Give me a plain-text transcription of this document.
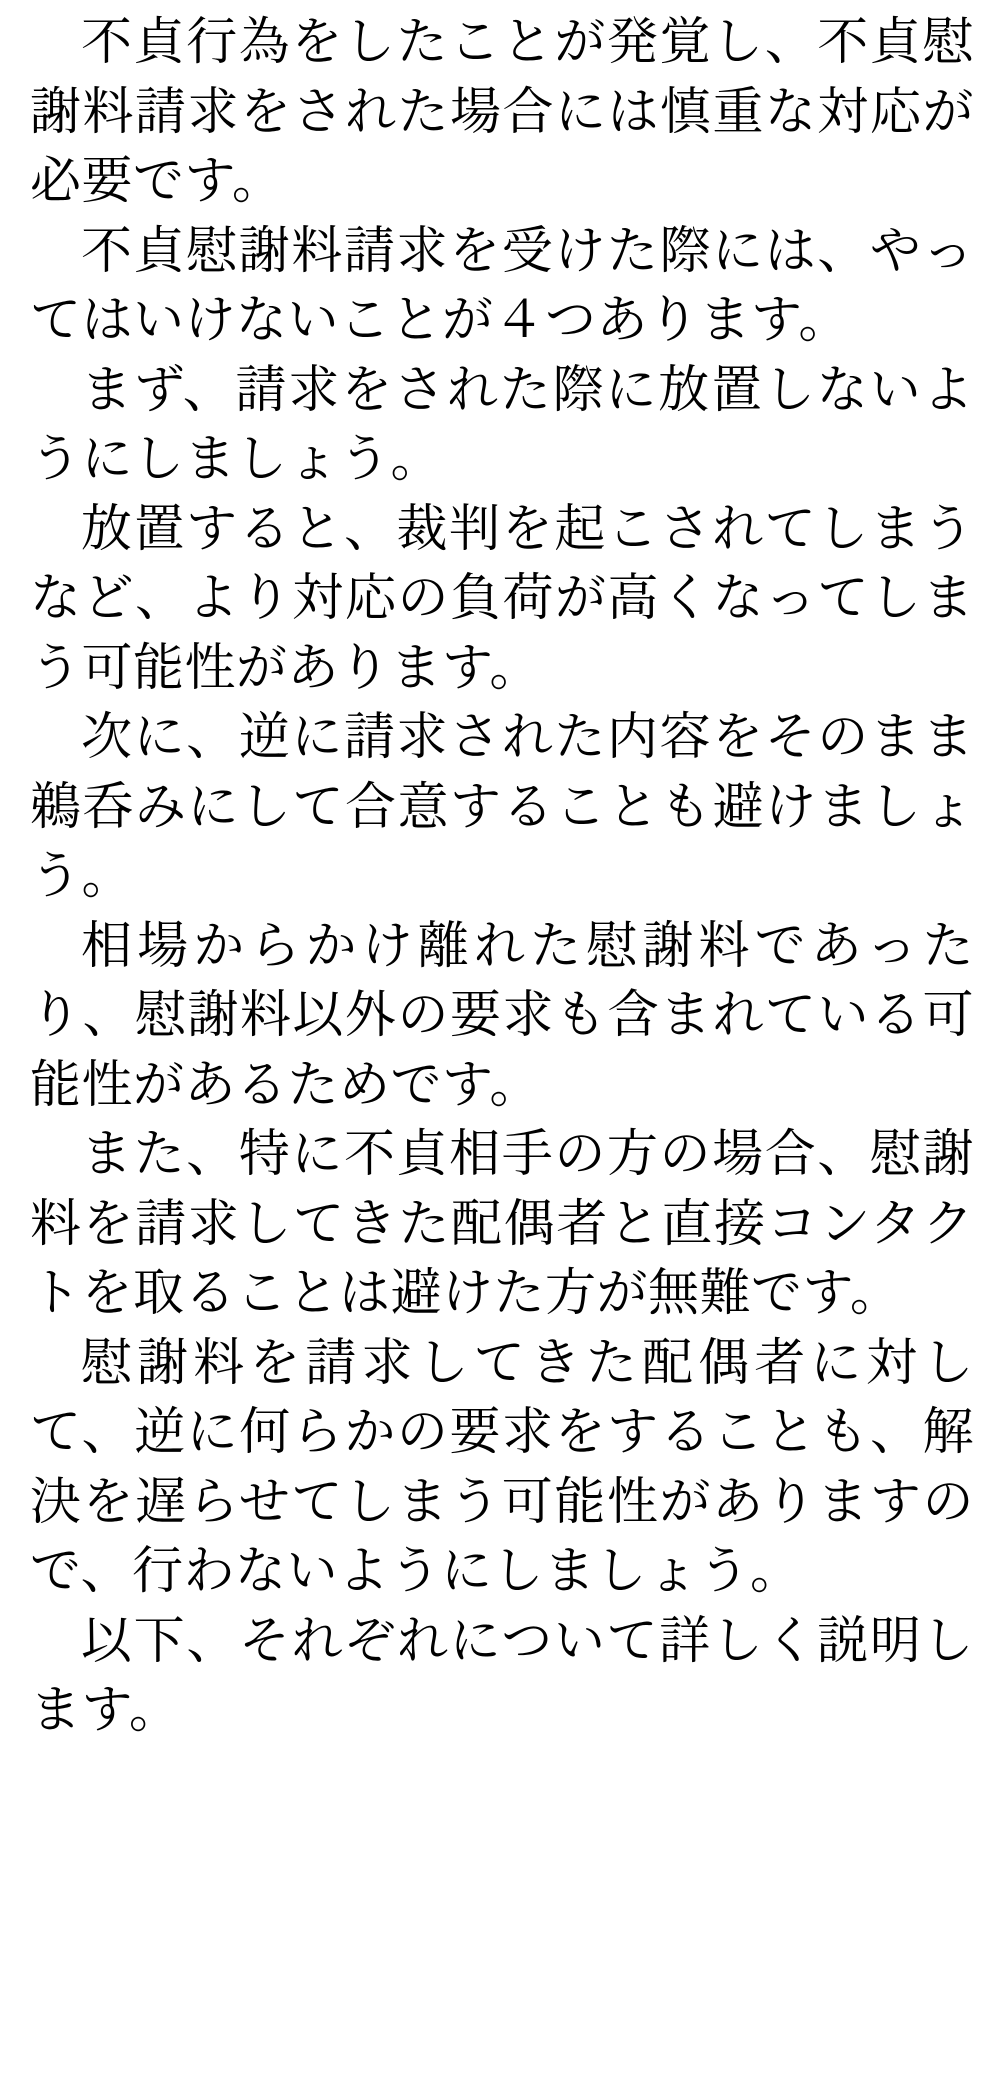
不貞行為をしたことが発覚し、不貞慰謝料請求をされた場合には慎重な対応が必要です。

不貞慰謝料請求を受けた際には、やってはいけないことが４つあります。

まず、請求をされた際に放置しないようにしましょう。

放置すると、裁判を起こされてしまうなど、より対応の負荷が高くなってしまう可能性があります。

次に、逆に請求された内容をそのまま鵜呑みにして合意することも避けましょう。

相場からかけ離れた慰謝料であったり、慰謝料以外の要求も含まれている可能性があるためです。

また、特に不貞相手の方の場合、慰謝料を請求してきた配偶者と直接コンタクトを取ることは避けた方が無難です。

慰謝料を請求してきた配偶者に対して、逆に何らかの要求をすることも、解決を遅らせてしまう可能性がありますので、行わないようにしましょう。

以下、それぞれについて詳しく説明します。
